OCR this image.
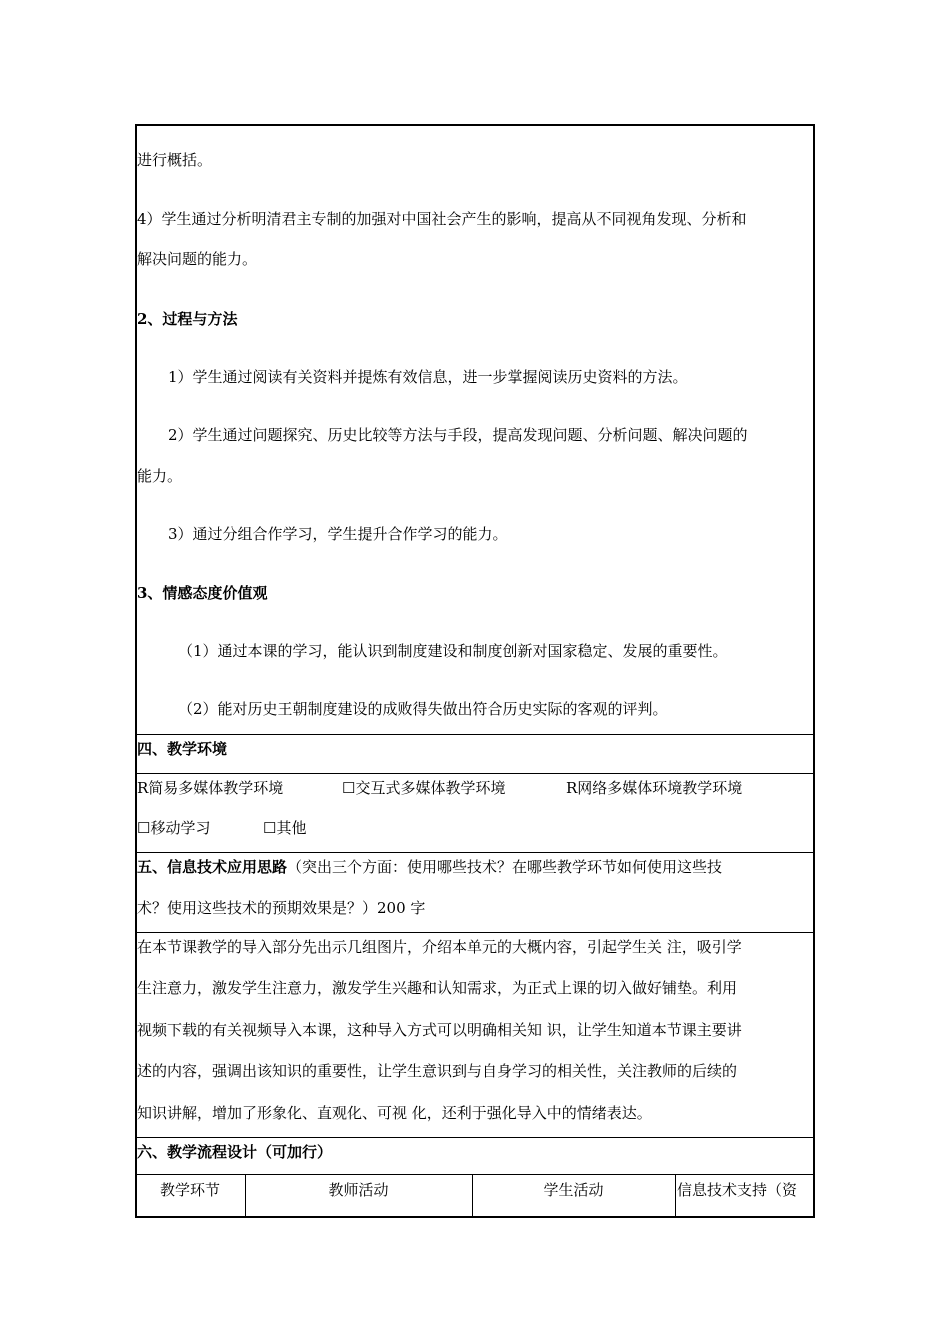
进行概括。
4）学生通过分析明清君主专制的加强对中国社会产生的影响，提高从不同视角发现、分析和
解决问题的能力。
2、过程与方法
1）学生通过阅读有关资料并提炼有效信息，进一步掌握阅读历史资料的方法。
2）学生通过问题探究、历史比较等方法与手段，提高发现问题、分析问题、解决问题的
能力。
3）通过分组合作学习，学生提升合作学习的能力。
3、情感态度价值观
（1）通过本课的学习，能认识到制度建设和制度创新对国家稳定、发展的重要性。
（2）能对历史王朝制度建设的成败得失做出符合历史实际的客观的评判。
四、教学环境
R简易多媒体教学环境	☐交互式多媒体教学环境	R网络多媒体环境教学环境
☐移动学习	☐其他
五、信息技术应用思路（突出三个方面：使用哪些技术？在哪些教学环节如何使用这些技
术？使用这些技术的预期效果是？）200 字
在本节课教学的导入部分先出示几组图片，介绍本单元的大概内容，引起学生关 注，吸引学
生注意力，激发学生注意力，激发学生兴趣和认知需求，为正式上课的切入做好铺垫。利用
视频下载的有关视频导入本课，这种导入方式可以明确相关知 识，让学生知道本节课主要讲
述的内容，强调出该知识的重要性，让学生意识到与自身学习的相关性，关注教师的后续的
知识讲解，增加了形象化、直观化、可视 化，还利于强化导入中的情绪表达。
六、教学流程设计（可加行）
教学环节	教师活动	学生活动	信息技术支持（资
